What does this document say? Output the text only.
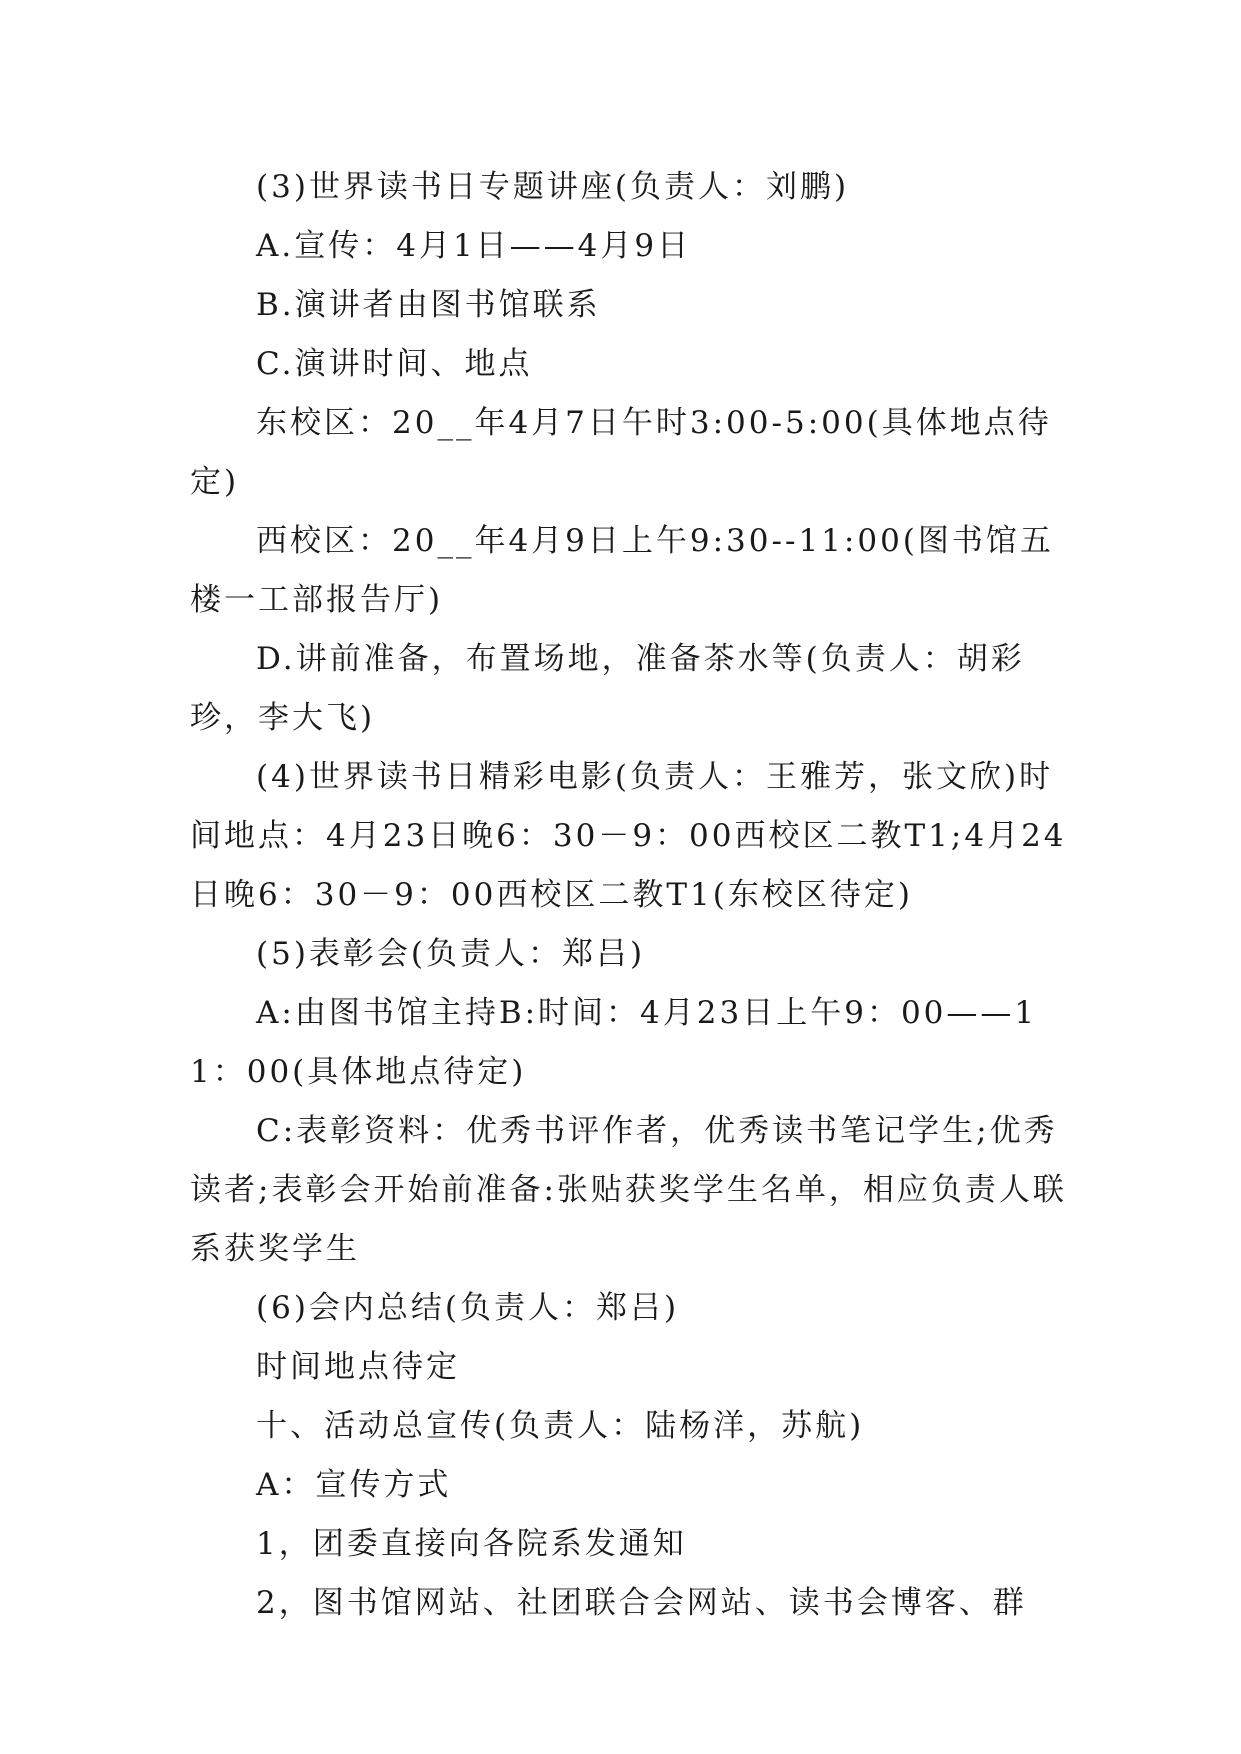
(3)世界读书日专题讲座(负责人：刘鹏)

A.宣传：4月1日——4月9日

B.演讲者由图书馆联系

C.演讲时间、地点

东校区：20__年4月7日午时3:00-5:00(具体地点待定)

西校区：20__年4月9日上午9:30--11:00(图书馆五楼一工部报告厅)

D.讲前准备，布置场地，准备茶水等(负责人：胡彩珍，李大飞)

(4)世界读书日精彩电影(负责人：王雅芳，张文欣)时间地点：4月23日晚6：30－9：00西校区二教T1;4月24日晚6：30－9：00西校区二教T1(东校区待定)

(5)表彰会(负责人：郑吕)

A:由图书馆主持B:时间：4月23日上午9：00——11：00(具体地点待定)

C:表彰资料：优秀书评作者，优秀读书笔记学生;优秀读者;表彰会开始前准备:张贴获奖学生名单，相应负责人联系获奖学生

(6)会内总结(负责人：郑吕)

时间地点待定

十、活动总宣传(负责人：陆杨洋，苏航)

A：宣传方式

1，团委直接向各院系发通知

2，图书馆网站、社团联合会网站、读书会博客、群
